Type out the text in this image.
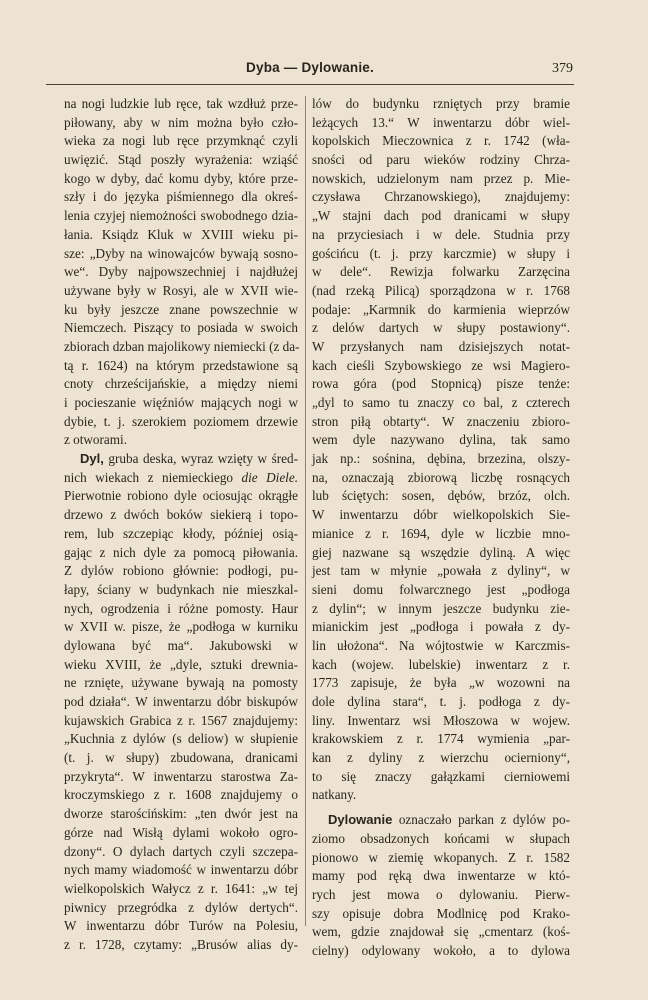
Dyba — Dylowanie.	379
na nogi ludzkie lub ręce, tak wzdłuż prze-
piłowany, aby w nim można było czło-
wieka za nogi lub ręce przymknąć czyli
uwięzić. Stąd poszły wyrażenia: wziąść
kogo w dyby, dać komu dyby, które prze-
szły i do języka piśmiennego dla okreś-
lenia czyjej niemożności swobodnego dzia-
łania. Ksiądz Kluk w XVIII wieku pi-
sze: „Dyby na winowajców bywają sosno-
we“. Dyby najpowszechniej i najdłużej
używane były w Rosyi, ale w XVII wie-
ku były jeszcze znane powszechnie w
Niemczech. Piszący to posiada w swoich
zbiorach dzban majolikowy niemiecki (z da-
tą r. 1624) na którym przedstawione są
cnoty chrześcijańskie, a między niemi
i pocieszanie więźniów mających nogi w
dybie, t. j. szerokiem poziomem drzewie
z otworami.
Dyl, gruba deska, wyraz wzięty w śred-
nich wiekach z niemieckiego die Diele.
Pierwotnie robiono dyle ociosując okrągłe
drzewo z dwóch boków siekierą i topo-
rem, lub szczepiąc kłody, później osią-
gając z nich dyle za pomocą piłowania.
Z dylów robiono głównie: podłogi, pu-
łapy, ściany w budynkach nie mieszkal-
nych, ogrodzenia i różne pomosty. Haur
w XVII w. pisze, że „podłoga w kurniku
dylowana być ma“. Jakubowski w
wieku XVIII, że „dyle, sztuki drewnia-
ne rznięte, używane bywają na pomosty
pod działa“. W inwentarzu dóbr biskupów
kujawskich Grabica z r. 1567 znajdujemy:
„Kuchnia z dylów (s deliow) w słupienie
(t. j. w słupy) zbudowana, dranicami
przykryta“. W inwentarzu starostwa Za-
kroczymskiego z r. 1608 znajdujemy o
dworze starościńskim: „ten dwór jest na
górze nad Wisłą dylami wokoło ogro-
dzony“. O dylach dartych czyli szczepa-
nych mamy wiadomość w inwentarzu dóbr
wielkopolskich Wałycz z r. 1641: „w tej
piwnicy przegródka z dylów dertych“.
W inwentarzu dóbr Turów na Polesiu,
z r. 1728, czytamy: „Brusów alias dy-
lów do budynku rzniętych przy bramie
leżących 13.“ W inwentarzu dóbr wiel-
kopolskich Mieczownica z r. 1742 (wła-
sności od paru wieków rodziny Chrza-
nowskich, udzielonym nam przez p. Mie-
czysława Chrzanowskiego), znajdujemy:
„W stajni dach pod dranicami w słupy
na przyciesiach i w dele. Studnia przy
gościńcu (t. j. przy karczmie) w słupy i
w dele“. Rewizja folwarku Zarzęcina
(nad rzeką Pilicą) sporządzona w r. 1768
podaje: „Karmnik do karmienia wieprzów
z delów dartych w słupy postawiony“.
W przysłanych nam dzisiejszych notat-
kach cieśli Szybowskiego ze wsi Magiero-
rowa góra (pod Stopnicą) pisze tenże:
„dyl to samo tu znaczy co bal, z czterech
stron piłą obtarty“. W znaczeniu zbioro-
wem dyle nazywano dylina, tak samo
jak np.: sośnina, dębina, brzezina, olszy-
na, oznaczają zbiorową liczbę rosnących
lub ściętych: sosen, dębów, brzóz, olch.
W inwentarzu dóbr wielkopolskich Sie-
mianice z r. 1694, dyle w liczbie mno-
giej nazwane są wszędzie dyliną. A więc
jest tam w młynie „powała z dyliny“, w
sieni domu folwarcznego jest „podłoga
z dylin“; w innym jeszcze budynku zie-
mianickim jest „podłoga i powała z dy-
lin ułożona“. Na wójtostwie w Karczmis-
kach (wojew. lubelskie) inwentarz z r.
1773 zapisuje, że była „w wozowni na
dole dylina stara“, t. j. podłoga z dy-
liny. Inwentarz wsi Młoszowa w wojew.
krakowskiem z r. 1774 wymienia „par-
kan z dyliny z wierzchu ocierniony“,
to się znaczy gałązkami cierniowemi
natkany.
Dylowanie oznaczało parkan z dylów po-
ziomo obsadzonych końcami w słupach
pionowo w ziemię wkopanych. Z r. 1582
mamy pod ręką dwa inwentarze w któ-
rych jest mowa o dylowaniu. Pierw-
szy opisuje dobra Modlnicę pod Krako-
wem, gdzie znajdował się „cmentarz (koś-
cielny) odylowany wokoło, a to dylowa
